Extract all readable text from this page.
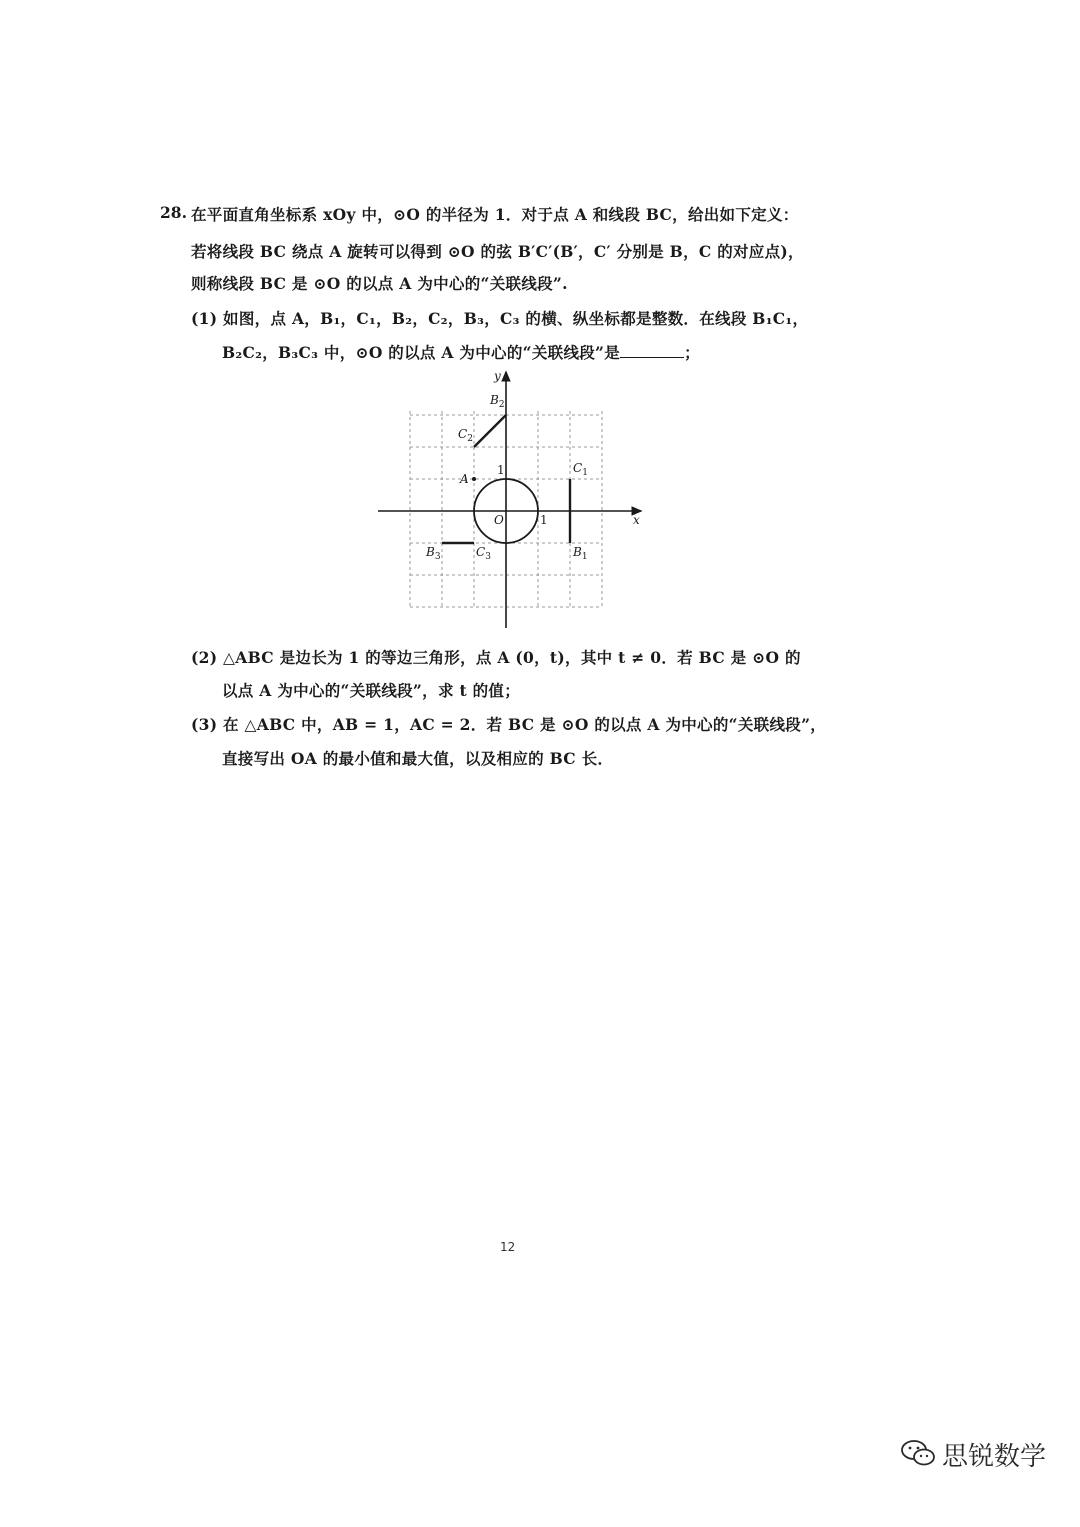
28. 在平面直角坐标系 xOy 中，⊙O 的半径为 1．对于点 A 和线段 BC，给出如下定义：
若将线段 BC 绕点 A 旋转可以得到 ⊙O 的弦 B′C′(B′，C′ 分别是 B，C 的对应点)，
则称线段 BC 是 ⊙O 的以点 A 为中心的“关联线段”.
(1) 如图，点 A，B₁，C₁，B₂，C₂，B₃，C₃ 的横、纵坐标都是整数．在线段 B₁C₁，
B₂C₂，B₃C₃ 中，⊙O 的以点 A 为中心的“关联线段”是	；
x
y
O	1
1
A
$B_2$
$C_2$
$C_1$
$B_1$
$B_3$	$C_3$
(2) △ABC 是边长为 1 的等边三角形，点 A (0，t)，其中 t ≠ 0．若 BC 是 ⊙O 的
以点 A 为中心的“关联线段”，求 t 的值；
(3) 在 △ABC 中，AB = 1，AC = 2．若 BC 是 ⊙O 的以点 A 为中心的“关联线段”，
直接写出 OA 的最小值和最大值，以及相应的 BC 长．
12
思锐数学
